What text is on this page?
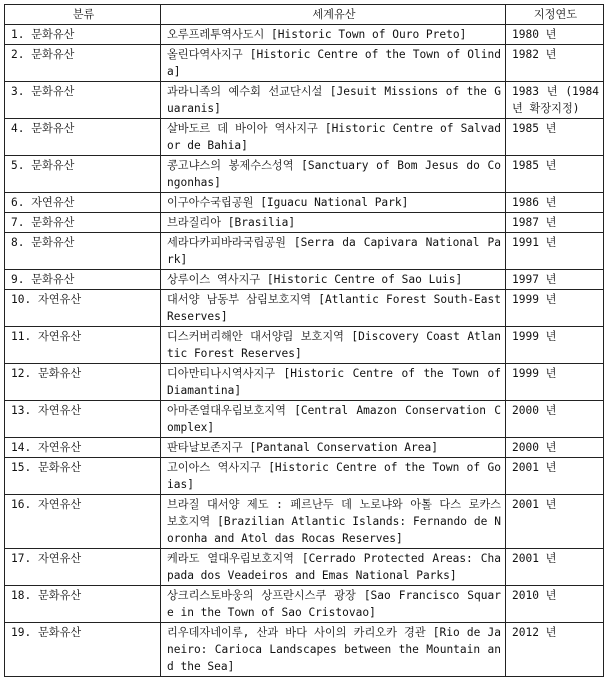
분류	세계유산	지정연도
1. 문화유산	오루프레투역사도시 [Historic Town of Ouro Preto]	1980 년
2. 문화유산	올린다역사지구 [Historic Centre of the Town of Olinda]	1982 년
3. 문화유산	과라니족의 예수회 선교단시설 [Jesuit Missions of the Guaranis]	1983 년 (1984 년 확장지정)
4. 문화유산	살바도르 데 바이아 역사지구 [Historic Centre of Salvador de Bahia]	1985 년
5. 문화유산	콩고냐스의 봉제수스성역 [Sanctuary of Bom Jesus do Congonhas]	1985 년
6. 자연유산	이구아수국립공원 [Iguacu National Park]	1986 년
7. 문화유산	브라질리아 [Brasilia]	1987 년
8. 문화유산	세라다카피바라국립공원 [Serra da Capivara National Park]	1991 년
9. 문화유산	상루이스 역사지구 [Historic Centre of Sao Luis]	1997 년
10. 자연유산	대서양 남동부 삼림보호지역 [Atlantic Forest South-East Reserves]	1999 년
11. 자연유산	디스커버리해안 대서양림 보호지역 [Discovery Coast Atlantic Forest Reserves]	1999 년
12. 문화유산	디아만티나시역사지구 [Historic Centre of the Town of Diamantina]	1999 년
13. 자연유산	아마존열대우림보호지역 [Central Amazon Conservation Complex]	2000 년
14. 자연유산	판타날보존지구 [Pantanal Conservation Area]	2000 년
15. 문화유산	고이아스 역사지구 [Historic Centre of the Town of Goias]	2001 년
16. 자연유산	브라질 대서양 제도 : 페르난두 데 노로냐와 아톨 다스 로카스 보호지역 [Brazilian Atlantic Islands: Fernando de Noronha and Atol das Rocas Reserves]	2001 년
17. 자연유산	케라도 열대우림보호지역 [Cerrado Protected Areas: Chapada dos Veadeiros and Emas National Parks]	2001 년
18. 문화유산	상크리스토바웅의 상프란시스쿠 광장 [Sao Francisco Square in the Town of Sao Cristovao]	2010 년
19. 문화유산	리우데자네이루, 산과 바다 사이의 카리오카 경관 [Rio de Janeiro: Carioca Landscapes between the Mountain and the Sea]	2012 년
